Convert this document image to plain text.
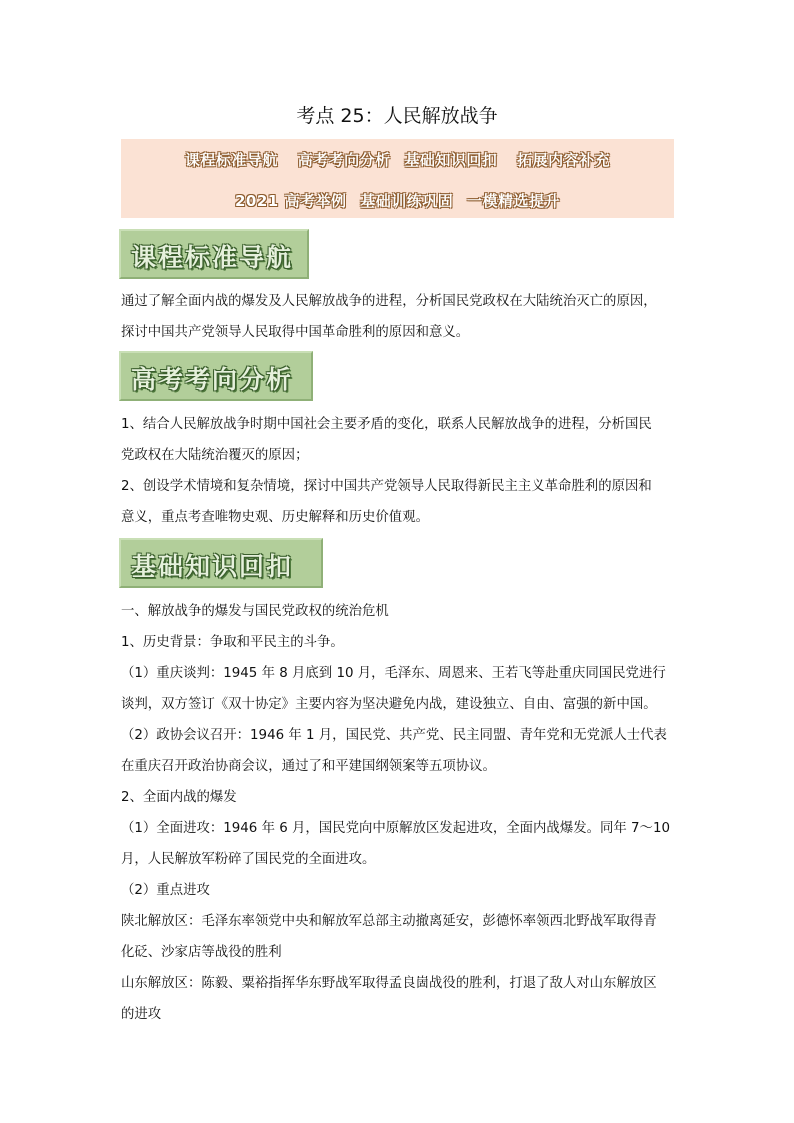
考点 25：人民解放战争
课程标准导航 高考考向分析 基础知识回扣 拓展内容补充
2021 高考举例 基础训练巩固 一模精选提升
课程标准导航
通过了解全面内战的爆发及人民解放战争的进程，分析国民党政权在大陆统治灭亡的原因，
探讨中国共产党领导人民取得中国革命胜利的原因和意义。
高考考向分析
1、结合人民解放战争时期中国社会主要矛盾的变化，联系人民解放战争的进程，分析国民
党政权在大陆统治覆灭的原因；
2、创设学术情境和复杂情境，探讨中国共产党领导人民取得新民主主义革命胜利的原因和
意义，重点考查唯物史观、历史解释和历史价值观。
基础知识回扣
一、解放战争的爆发与国民党政权的统治危机
1、历史背景：争取和平民主的斗争。
（1）重庆谈判：1945 年 8 月底到 10 月，毛泽东、周恩来、王若飞等赴重庆同国民党进行
谈判，双方签订《双十协定》主要内容为坚决避免内战，建设独立、自由、富强的新中国。
（2）政协会议召开：1946 年 1 月，国民党、共产党、民主同盟、青年党和无党派人士代表
在重庆召开政治协商会议，通过了和平建国纲领案等五项协议。
2、全面内战的爆发
（1）全面进攻：1946 年 6 月，国民党向中原解放区发起进攻，全面内战爆发。同年 7～10
月，人民解放军粉碎了国民党的全面进攻。
（2）重点进攻
陕北解放区：毛泽东率领党中央和解放军总部主动撤离延安，彭德怀率领西北野战军取得青
化砭、沙家店等战役的胜利
山东解放区：陈毅、粟裕指挥华东野战军取得孟良崮战役的胜利，打退了敌人对山东解放区
的进攻
